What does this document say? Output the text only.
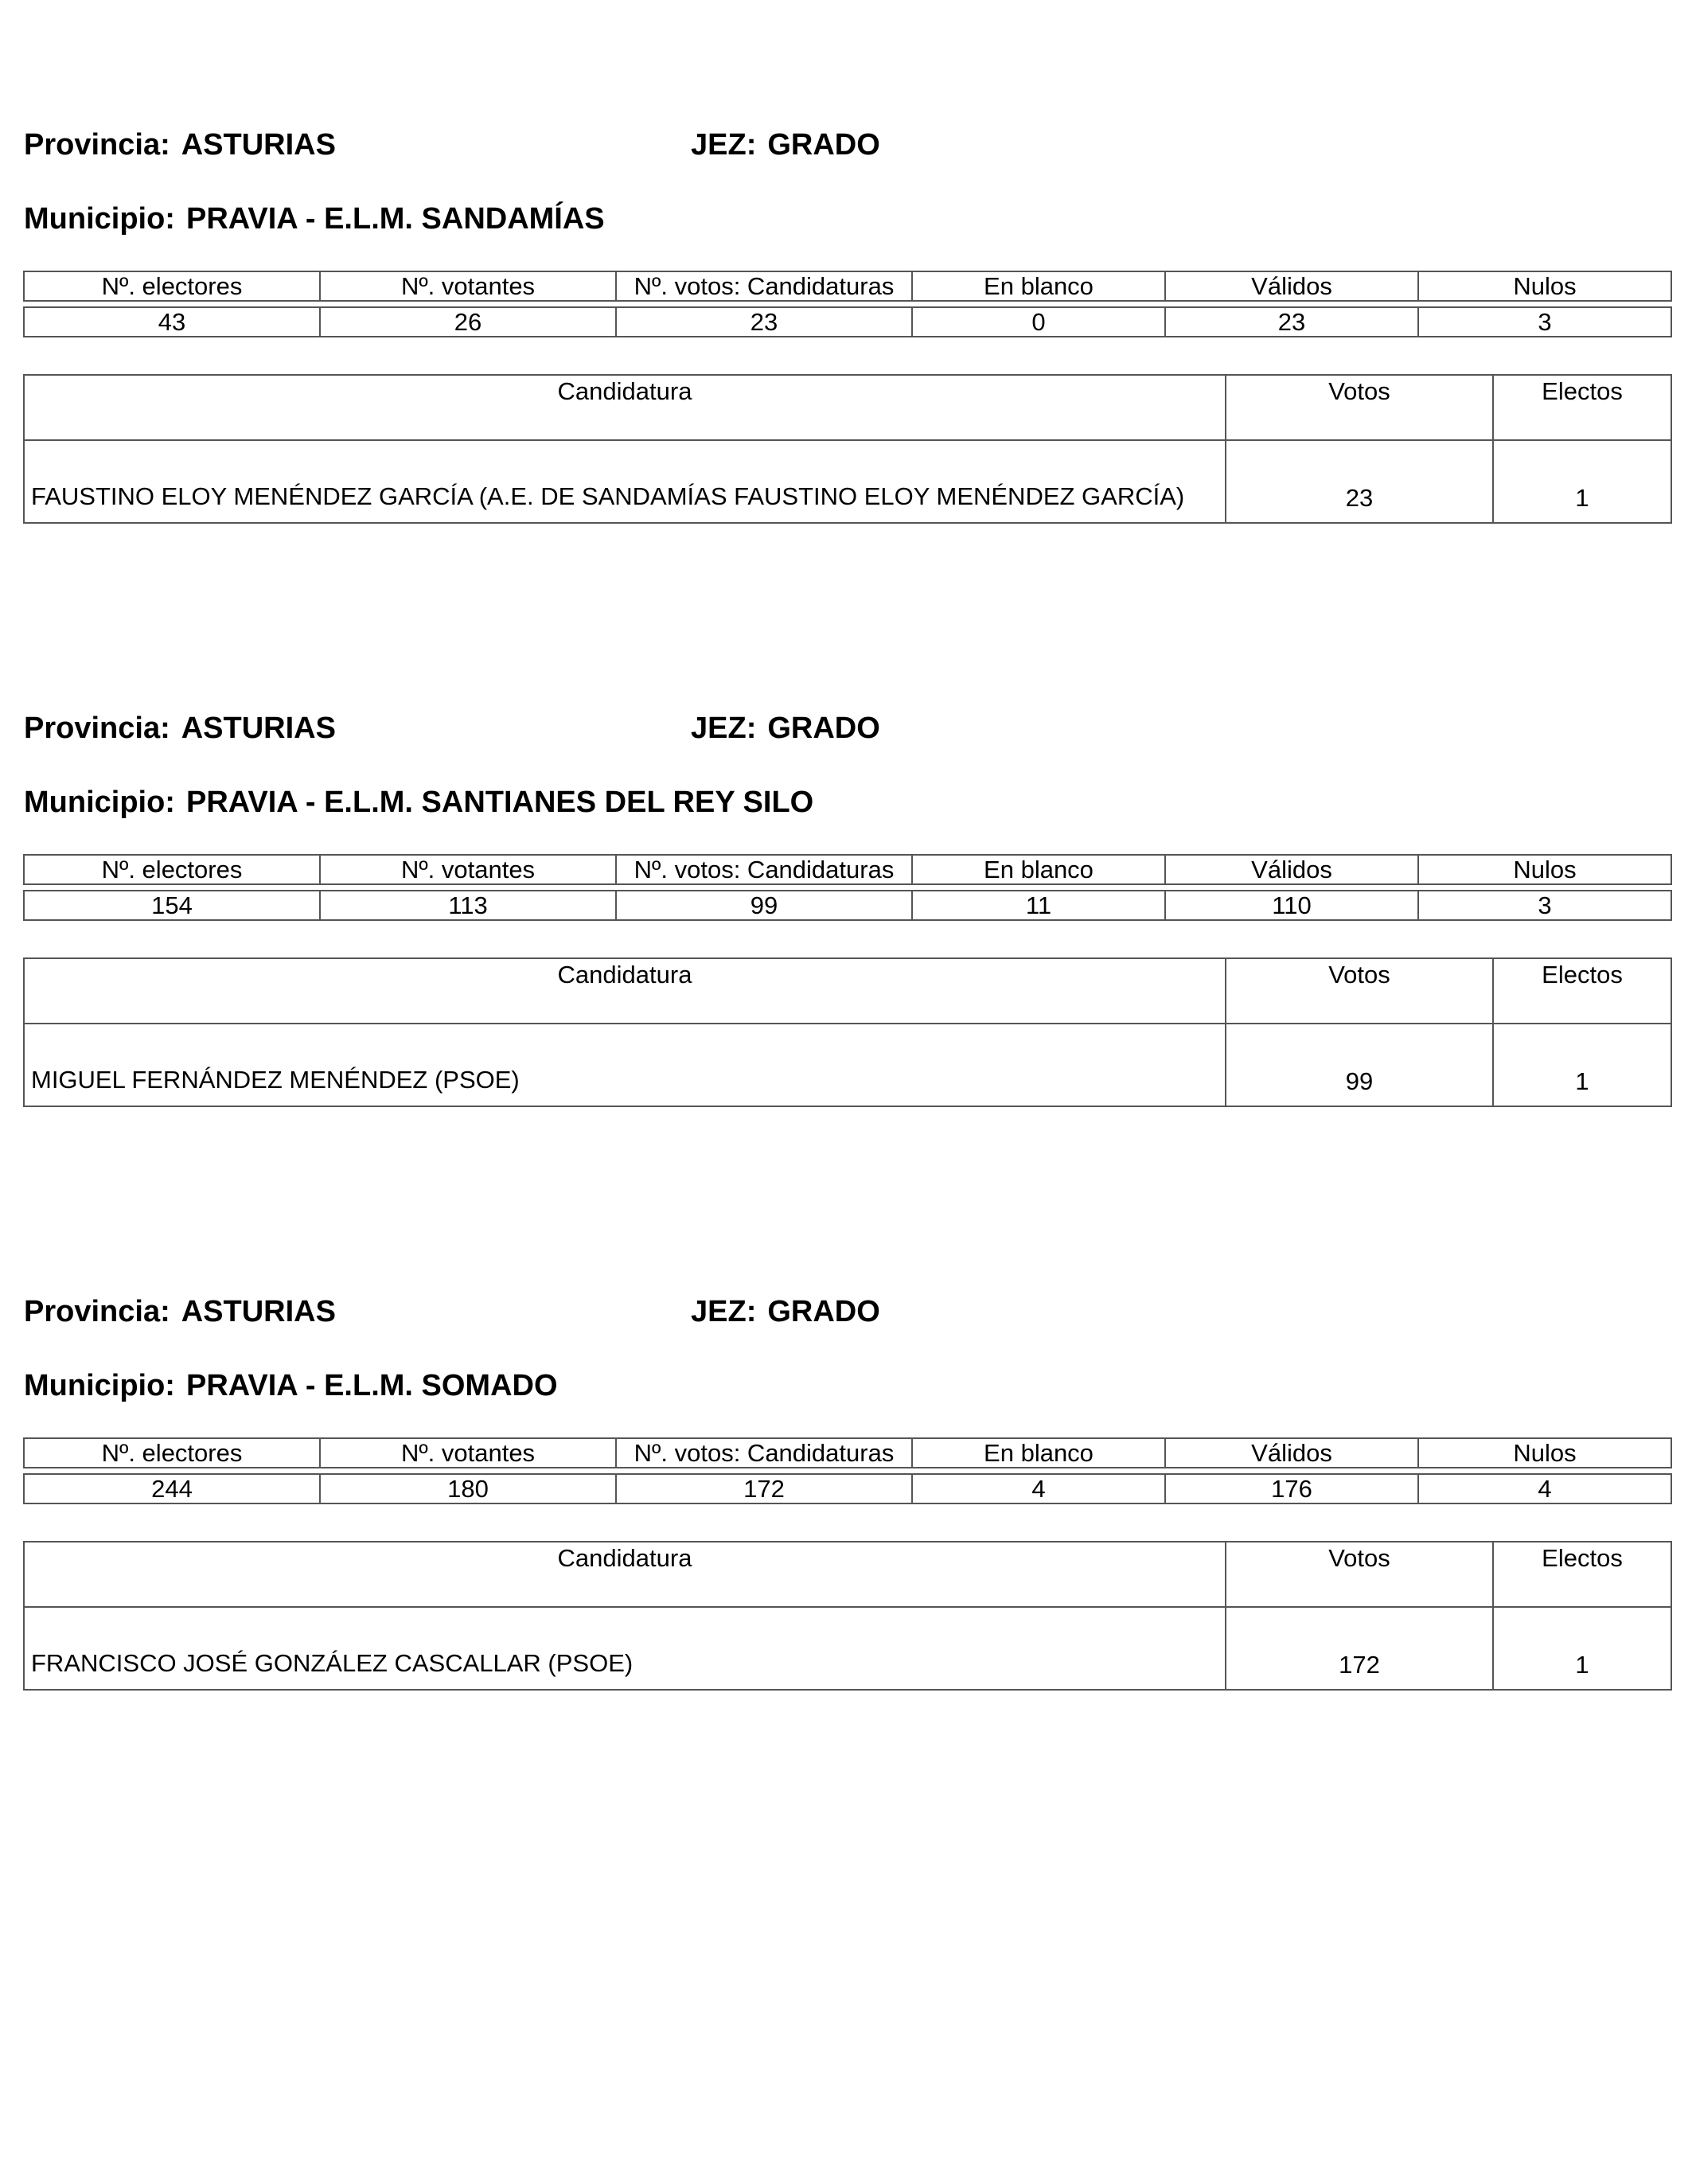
Provincia: ASTURIAS	JEZ: GRADO
Municipio: PRAVIA - E.L.M. SANDAMÍAS
Nº. electores	Nº. votantes	Nº. votos: Candidaturas	En blanco	Válidos	Nulos

43	26	23	0	23	3
Candidatura	Votos	Electos
FAUSTINO ELOY MENÉNDEZ GARCÍA (A.E. DE SANDAMÍAS FAUSTINO ELOY MENÉNDEZ GARCÍA)	23	1
Provincia: ASTURIAS	JEZ: GRADO
Municipio: PRAVIA - E.L.M. SANTIANES DEL REY SILO
Nº. electores	Nº. votantes	Nº. votos: Candidaturas	En blanco	Válidos	Nulos

154	113	99	11	110	3
Candidatura	Votos	Electos
MIGUEL FERNÁNDEZ MENÉNDEZ (PSOE)	99	1
Provincia: ASTURIAS	JEZ: GRADO
Municipio: PRAVIA - E.L.M. SOMADO
Nº. electores	Nº. votantes	Nº. votos: Candidaturas	En blanco	Válidos	Nulos

244	180	172	4	176	4
Candidatura	Votos	Electos
FRANCISCO JOSÉ GONZÁLEZ CASCALLAR (PSOE)	172	1
